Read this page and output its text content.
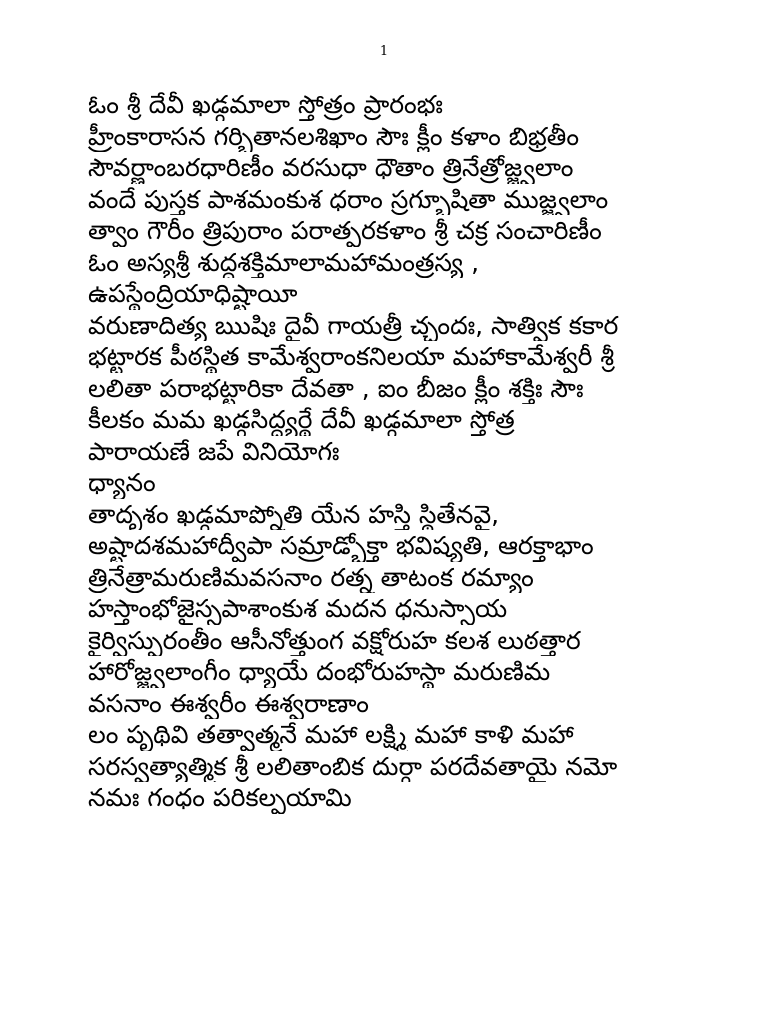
1
ఓం శ్రీ దేవీ ఖడ్గమాలా స్తోత్రం ప్రారంభః
హ్రీంకారాసన గర్భితానలశిఖాం సౌః క్లీం కళాం బిభ్రతీం
సౌవర్ణాంబరధారిణీం వరసుధా ధౌతాం త్రినేత్రోజ్జ్వలాం
వందే పుస్తక పాశమంకుశ ధరాం స్రగ్భూషితా ముజ్జ్వలాం
త్వాం గౌరీం త్రిపురాం పరాత్పరకళాం శ్రీ చక్ర సంచారిణీం
ఓం అస్యశ్రీ శుద్ధశక్తిమాలామహామంత్రస్య ,
ఉపస్థేంద్రియాధిష్టాయీ
వరుణాదిత్య ఋషిః దైవీ గాయత్రీ చ్ఛందః, సాత్విక కకార
భట్టారక పీఠస్థిత కామేశ్వరాంకనిలయా మహాకామేశ్వరీ శ్రీ
లలితా పరాభట్టారికా దేవతా , ఐం బీజం క్లీం శక్తిః సౌః
కీలకం మమ ఖడ్గసిద్ధ్యర్థే దేవీ ఖడ్గమాలా స్తోత్ర
పారాయణే జపే వినియోగః
ధ్యానం
తాదృశం ఖడ్గమాప్నోతి యేన హస్తి స్థితేనవై,
అష్టాదశమహాద్వీపా సమ్రాడ్భోక్తా భవిష్యతి, ఆరక్తాభాం
త్రినేత్రామరుణిమవసనాం రత్న తాటంక రమ్యాం
హస్తాంభోజైస్సపాశాంకుశ మదన ధనుస్సాయ
కైర్విస్ఫురంతీం ఆసీనోత్తుంగ వక్షోరుహ కలశ లుఠత్తార
హారోజ్జ్వలాంగీం ధ్యాయే దంభోరుహస్థా మరుణిమ
వసనాం ఈశ్వరీం ఈశ్వరాణాం
లం పృథివి తత్వాత్మనే మహా లక్ష్మి మహా కాళి మహా
సరస్వత్యాత్మిక శ్రీ లలితాంబిక దుర్గా పరదేవతాయై నమో
నమః గంధం పరికల్పయామి
